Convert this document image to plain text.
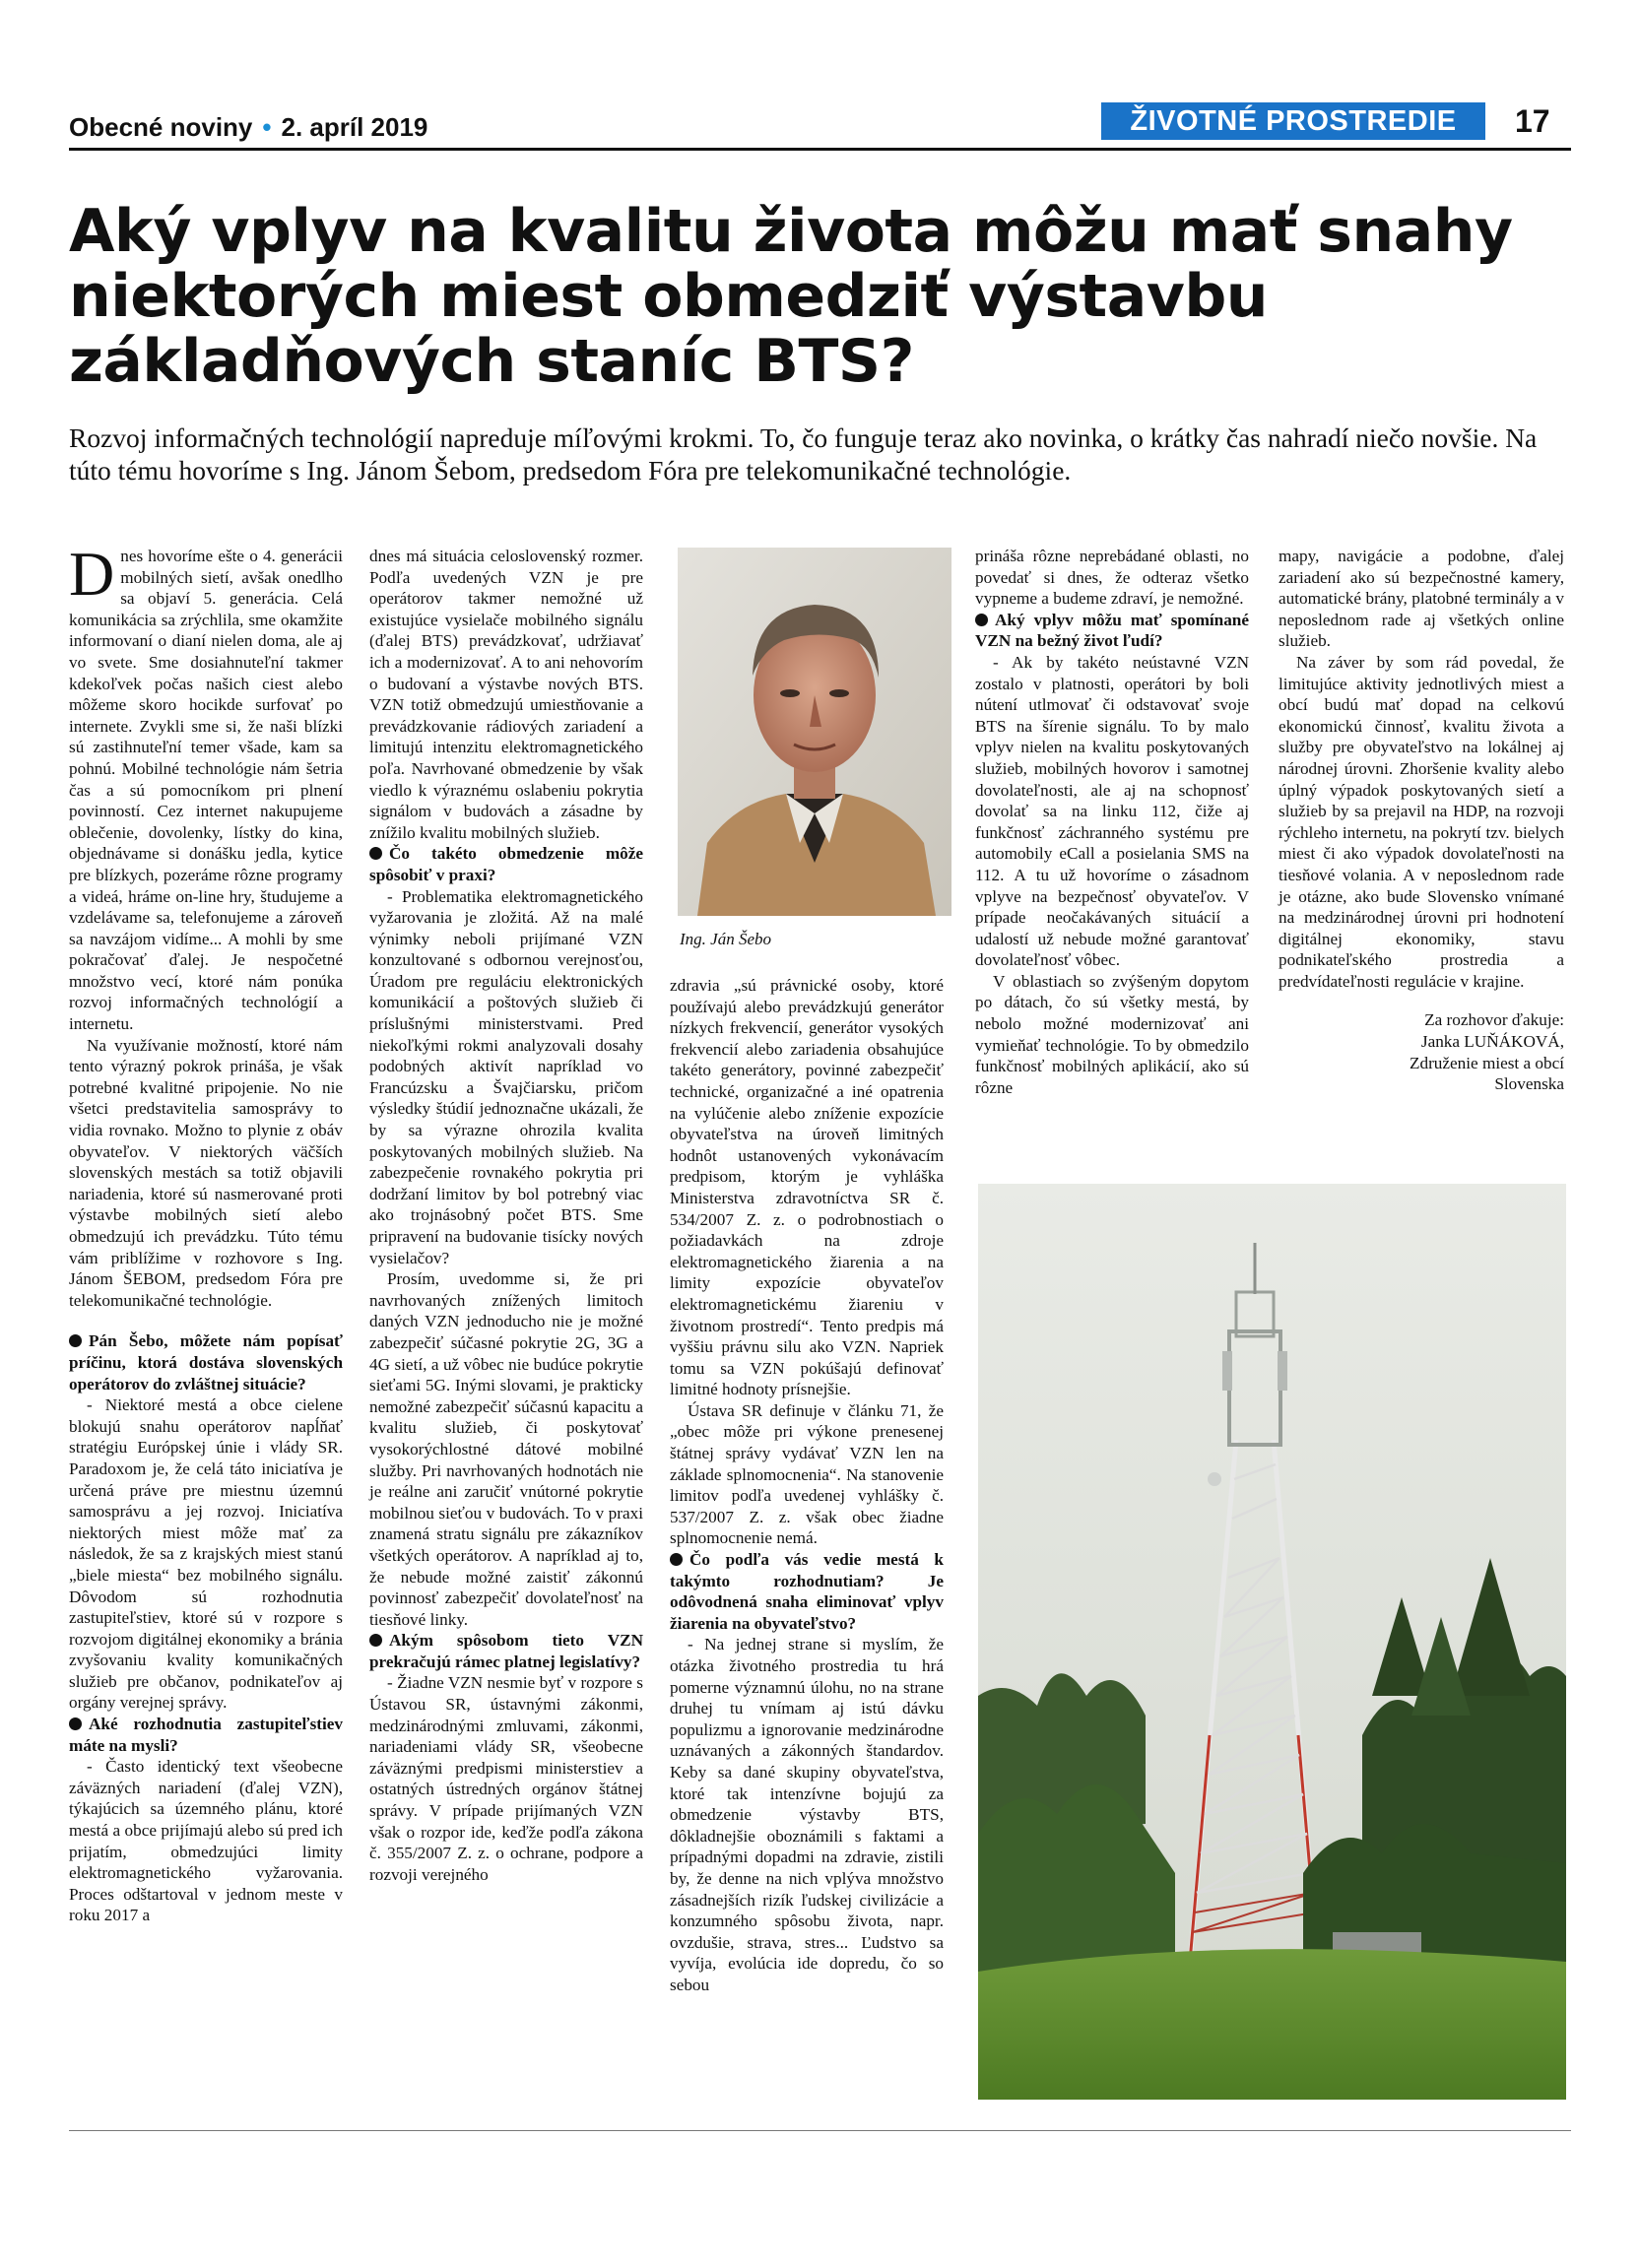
Obecné noviny • 2. apríl 2019	ŽIVOTNÉ PROSTREDIE	17
Aký vplyv na kvalitu života môžu mať snahy niektorých miest obmedziť výstavbu základňových staníc BTS?

Rozvoj informačných technológií napreduje míľovými krokmi. To, čo funguje teraz ako novinka, o krátky čas nahradí niečo novšie. Na túto tému hovoríme s Ing. Jánom Šebom, predsedom Fóra pre telekomunikačné technológie.

Dnes hovoríme ešte o 4. generácii mobilných sietí, avšak onedlho sa objaví 5. generácia. Celá komunikácia sa zrýchlila, sme okamžite informovaní o dianí nielen doma, ale aj vo svete. Sme dosiahnuteľní takmer kdekoľvek počas našich ciest alebo môžeme skoro hocikde surfovať po internete. Zvykli sme si, že naši blízki sú zastihnuteľní temer všade, kam sa pohnú. Mobilné technológie nám šetria čas a sú pomocníkom pri plnení povinností. Cez internet nakupujeme oblečenie, dovolenky, lístky do kina, objednávame si donášku jedla, kytice pre blízkych, pozeráme rôzne programy a videá, hráme on-line hry, študujeme a vzdelávame sa, telefonujeme a zároveň sa navzájom vidíme... A mohli by sme pokračovať ďalej. Je nespočetné množstvo vecí, ktoré nám ponúka rozvoj informačných technológií a internetu.

Na využívanie možností, ktoré nám tento výrazný pokrok prináša, je však potrebné kvalitné pripojenie. No nie všetci predstavitelia samosprávy to vidia rovnako. Možno to plynie z obáv obyvateľov. V niektorých väčších slovenských mestách sa totiž objavili nariadenia, ktoré sú nasmerované proti výstavbe mobilných sietí alebo obmedzujú ich prevádzku. Túto tému vám priblížime v rozhovore s Ing. Jánom ŠEBOM, predsedom Fóra pre telekomunikačné technológie.

Pán Šebo, môžete nám popísať príčinu, ktorá dostáva slovenských operátorov do zvláštnej situácie?

- Niektoré mestá a obce cielene blokujú snahu operátorov napĺňať stratégiu Európskej únie i vlády SR. Paradoxom je, že celá táto iniciatíva je určená práve pre miestnu územnú samosprávu a jej rozvoj. Iniciatíva niektorých miest môže mať za následok, že sa z krajských miest stanú „biele miesta“ bez mobilného signálu. Dôvodom sú rozhodnutia zastupiteľstiev, ktoré sú v rozpore s rozvojom digitálnej ekonomiky a bránia zvyšovaniu kvality komunikačných služieb pre občanov, podnikateľov aj orgány verejnej správy.

Aké rozhodnutia zastupiteľstiev máte na mysli?

- Často identický text všeobecne záväzných nariadení (ďalej VZN), týkajúcich sa územného plánu, ktoré mestá a obce prijímajú alebo sú pred ich prijatím, obmedzujúci limity elektromagnetického vyžarovania. Proces odštartoval v jednom meste v roku 2017 a

dnes má situácia celoslovenský rozmer. Podľa uvedených VZN je pre operátorov takmer nemožné už existujúce vysielače mobilného signálu (ďalej BTS) prevádzkovať, udržiavať ich a modernizovať. A to ani nehovorím o budovaní a výstavbe nových BTS. VZN totiž obmedzujú umiestňovanie a prevádzkovanie rádiových zariadení a limitujú intenzitu elektromagnetického poľa. Navrhované obmedzenie by však viedlo k výraznému oslabeniu pokrytia signálom v budovách a zásadne by znížilo kvalitu mobilných služieb.

Čo takéto obmedzenie môže spôsobiť v praxi?

- Problematika elektromagnetického vyžarovania je zložitá. Až na malé výnimky neboli prijímané VZN konzultované s odbornou verejnosťou, Úradom pre reguláciu elektronických komunikácií a poštových služieb či príslušnými ministerstvami. Pred niekoľkými rokmi analyzovali dosahy podobných aktivít napríklad vo Francúzsku a Švajčiarsku, pričom výsledky štúdií jednoznačne ukázali, že by sa výrazne ohrozila kvalita poskytovaných mobilných služieb. Na zabezpečenie rovnakého pokrytia pri dodržaní limitov by bol potrebný viac ako trojnásobný počet BTS. Sme pripravení na budovanie tisícky nových vysielačov?

Prosím, uvedomme si, že pri navrhovaných znížených limitoch daných VZN jednoducho nie je možné zabezpečiť súčasné pokrytie 2G, 3G a 4G sietí, a už vôbec nie budúce pokrytie sieťami 5G. Inými slovami, je prakticky nemožné zabezpečiť súčasnú kapacitu a kvalitu služieb, či poskytovať vysokorýchlostné dátové mobilné služby. Pri navrhovaných hodnotách nie je reálne ani zaručiť vnútorné pokrytie mobilnou sieťou v budovách. To v praxi znamená stratu signálu pre zákazníkov všetkých operátorov. A napríklad aj to, že nebude možné zaistiť zákonnú povinnosť zabezpečiť dovolateľnosť na tiesňové linky.

Akým spôsobom tieto VZN prekračujú rámec platnej legislatívy?

- Žiadne VZN nesmie byť v rozpore s Ústavou SR, ústavnými zákonmi, medzinárodnými zmluvami, zákonmi, nariadeniami vlády SR, všeobecne záväznými predpismi ministerstiev a ostatných ústredných orgánov štátnej správy. V prípade prijímaných VZN však o rozpor ide, keďže podľa zákona č. 355/2007 Z. z. o ochrane, podpore a rozvoji verejného

Ing. Ján Šebo

zdravia „sú právnické osoby, ktoré používajú alebo prevádzkujú generátor nízkych frekvencií, generátor vysokých frekvencií alebo zariadenia obsahujúce takéto generátory, povinné zabezpečiť technické, organizačné a iné opatrenia na vylúčenie alebo zníženie expozície obyvateľstva na úroveň limitných hodnôt ustanovených vykonávacím predpisom, ktorým je vyhláška Ministerstva zdravotníctva SR č. 534/2007 Z. z. o podrobnostiach o požiadavkách na zdroje elektromagnetického žiarenia a na limity expozície obyvateľov elektromagnetickému žiareniu v životnom prostredí“. Tento predpis má vyššiu právnu silu ako VZN. Napriek tomu sa VZN pokúšajú definovať limitné hodnoty prísnejšie.

Ústava SR definuje v článku 71, že „obec môže pri výkone prenesenej štátnej správy vydávať VZN len na základe splnomocnenia“. Na stanovenie limitov podľa uvedenej vyhlášky č. 537/2007 Z. z. však obec žiadne splnomocnenie nemá.

Čo podľa vás vedie mestá k takýmto rozhodnutiam? Je odôvodnená snaha eliminovať vplyv žiarenia na obyvateľstvo?

- Na jednej strane si myslím, že otázka životného prostredia tu hrá pomerne významnú úlohu, no na strane druhej tu vnímam aj istú dávku populizmu a ignorovanie medzinárodne uznávaných a zákonných štandardov. Keby sa dané skupiny obyvateľstva, ktoré tak intenzívne bojujú za obmedzenie výstavby BTS, dôkladnejšie oboznámili s faktami a prípadnými dopadmi na zdravie, zistili by, že denne na nich vplýva množstvo zásadnejších rizík ľudskej civilizácie a konzumného spôsobu života, napr. ovzdušie, strava, stres... Ľudstvo sa vyvíja, evolúcia ide dopredu, čo so sebou

prináša rôzne neprebádané oblasti, no povedať si dnes, že odteraz všetko vypneme a budeme zdraví, je nemožné.

Aký vplyv môžu mať spomínané VZN na bežný život ľudí?

- Ak by takéto neústavné VZN zostalo v platnosti, operátori by boli nútení utlmovať či odstavovať svoje BTS na šírenie signálu. To by malo vplyv nielen na kvalitu poskytovaných služieb, mobilných hovorov i samotnej dovolateľnosti, ale aj na schopnosť dovolať sa na linku 112, čiže aj funkčnosť záchranného systému pre automobily eCall a posielania SMS na 112. A tu už hovoríme o zásadnom vplyve na bezpečnosť obyvateľov. V prípade neočakávaných situácií a udalostí už nebude možné garantovať dovolateľnosť vôbec.

V oblastiach so zvýšeným dopytom po dátach, čo sú všetky mestá, by nebolo možné modernizovať ani vymieňať technológie. To by obmedzilo funkčnosť mobilných aplikácií, ako sú rôzne

mapy, navigácie a podobne, ďalej zariadení ako sú bezpečnostné kamery, automatické brány, platobné terminály a v neposlednom rade aj všetkých online služieb.

Na záver by som rád povedal, že limitujúce aktivity jednotlivých miest a obcí budú mať dopad na celkovú ekonomickú činnosť, kvalitu života a služby pre obyvateľstvo na lokálnej aj národnej úrovni. Zhoršenie kvality alebo úplný výpadok poskytovaných sietí a služieb by sa prejavil na HDP, na rozvoji rýchleho internetu, na pokrytí tzv. bielych miest či ako výpadok dovolateľnosti na tiesňové volania. A v neposlednom rade je otázne, ako bude Slovensko vnímané na medzinárodnej úrovni pri hodnotení digitálnej ekonomiky, stavu podnikateľského prostredia a predvídateľnosti regulácie v krajine.

Za rozhovor ďakuje:

Janka LUŇÁKOVÁ,

Združenie miest a obcí

Slovenska
